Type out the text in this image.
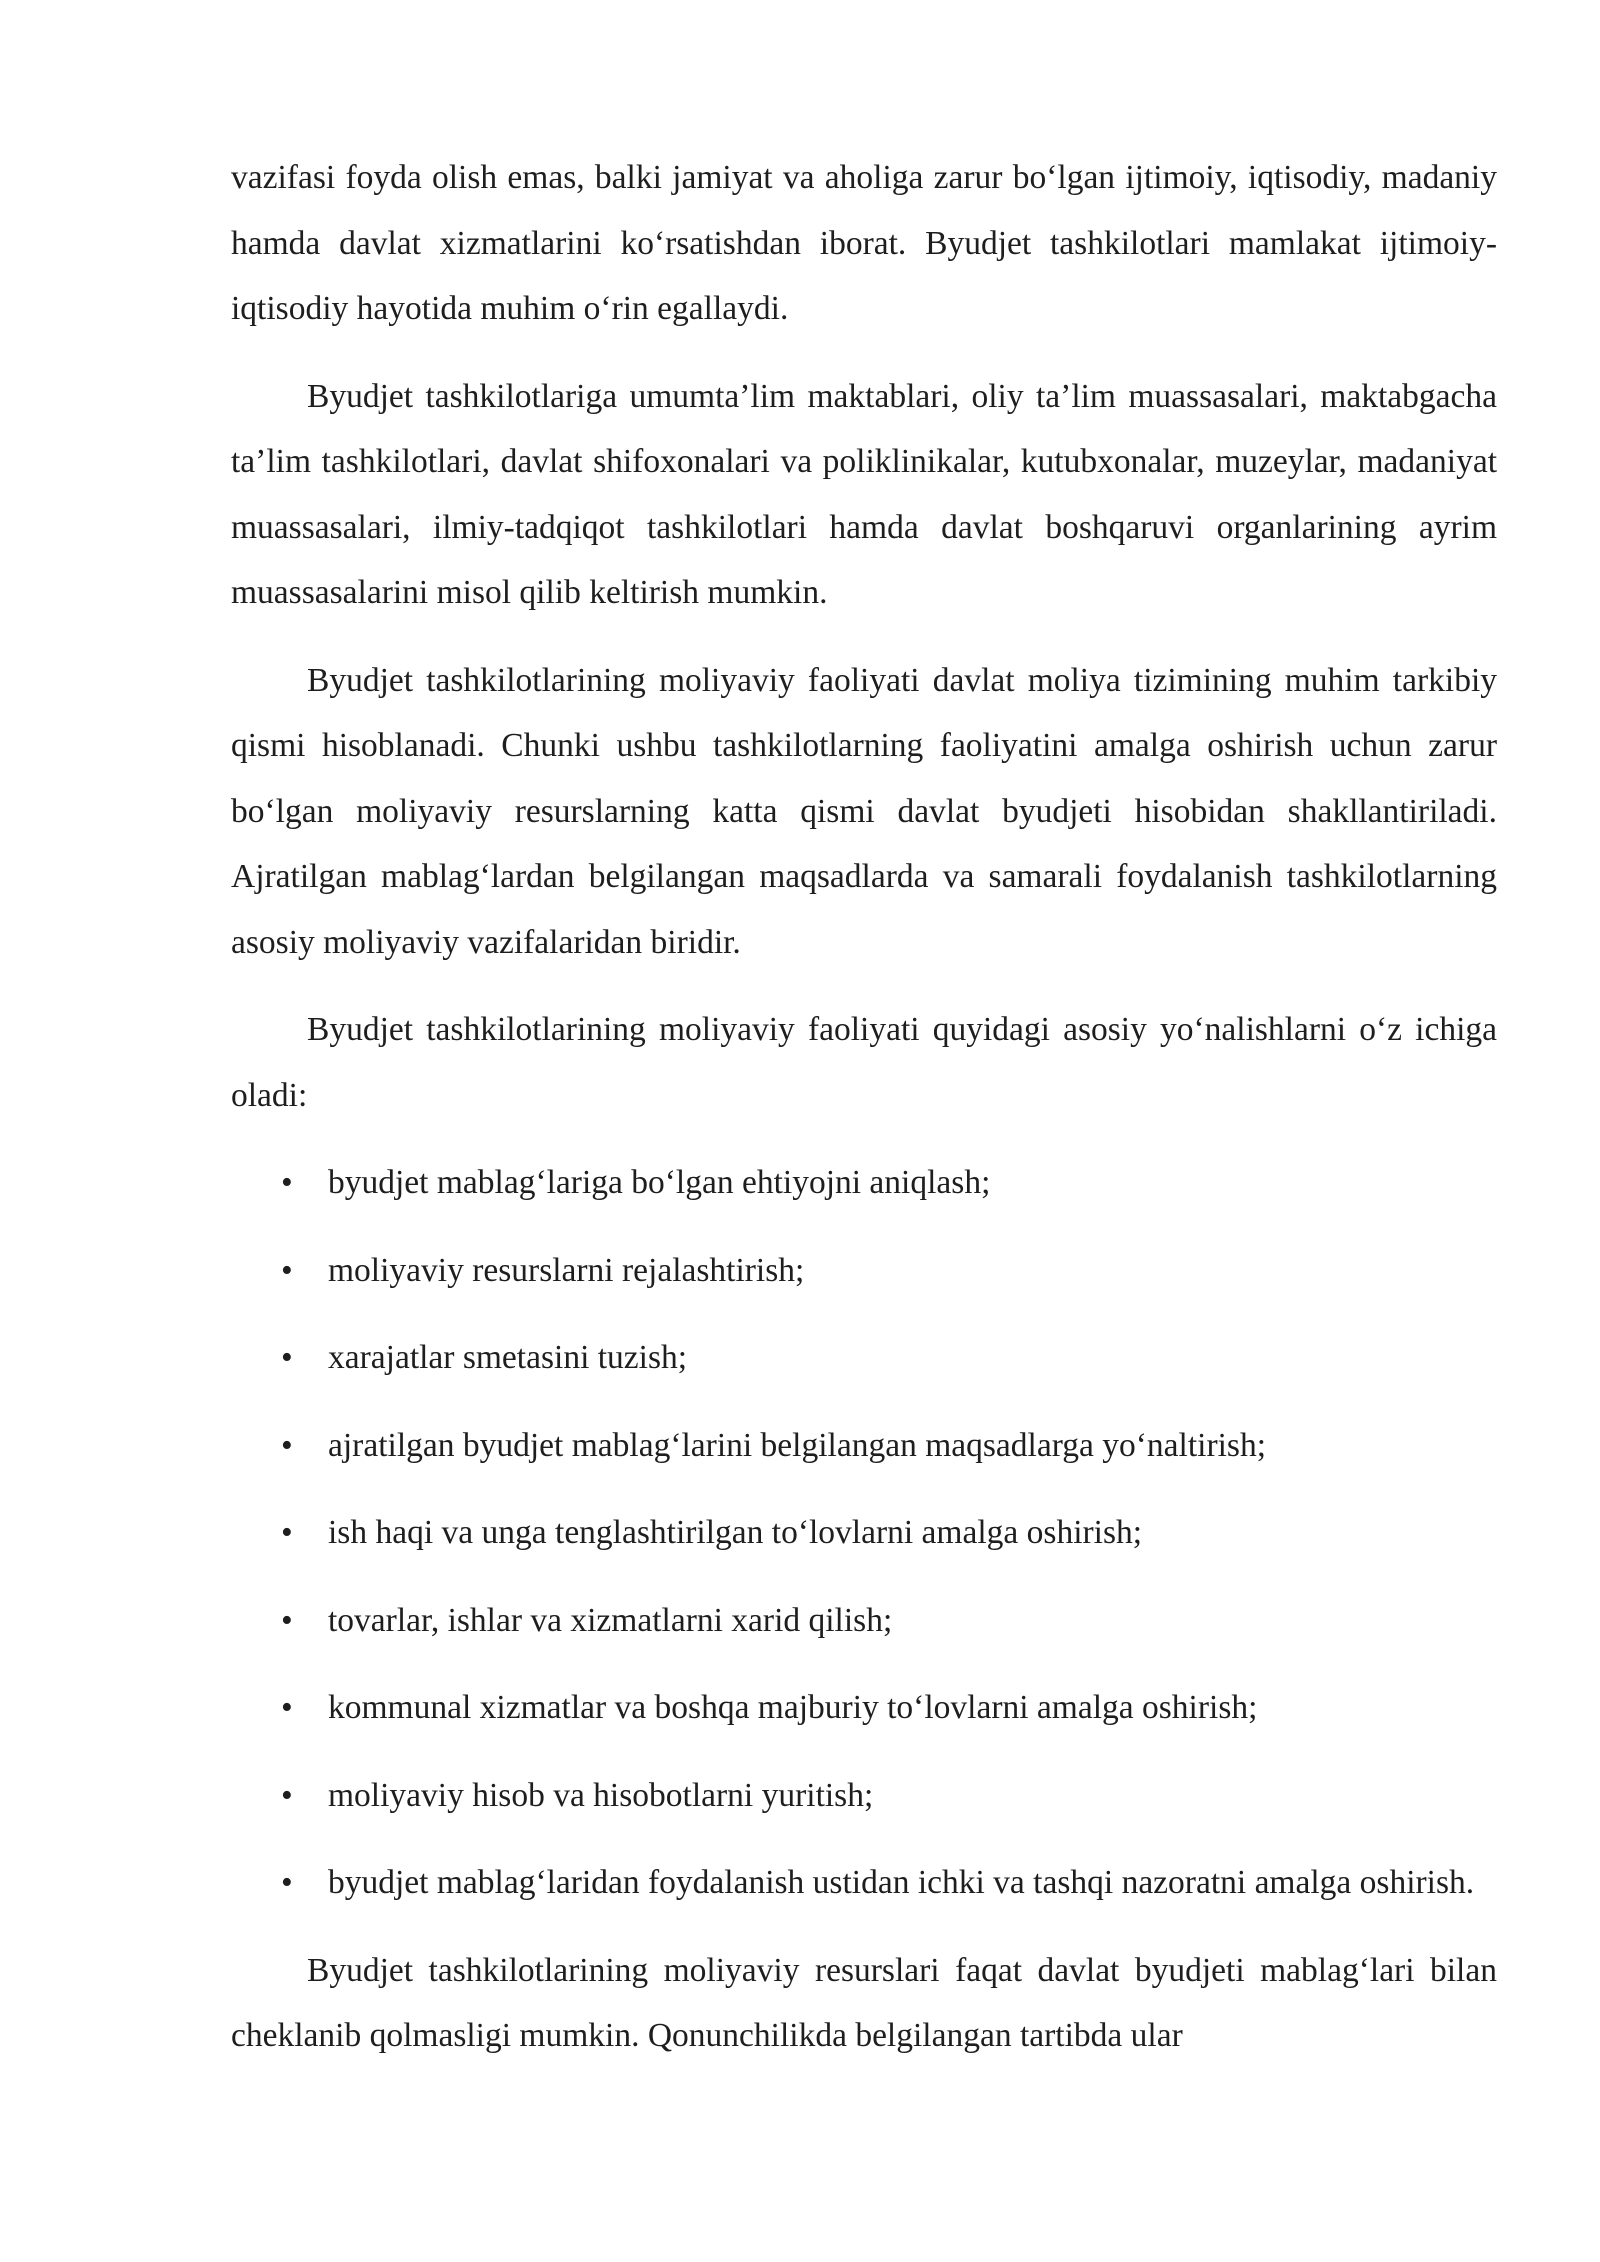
vazifasi foyda olish emas, balki jamiyat va aholiga zarur bo‘lgan ijtimoiy, iqtisodiy, madaniy hamda davlat xizmatlarini ko‘rsatishdan iborat. Byudjet tashkilotlari mamlakat ijtimoiy-iqtisodiy hayotida muhim o‘rin egallaydi.

Byudjet tashkilotlariga umumta’lim maktablari, oliy ta’lim muassasalari, maktabgacha ta’lim tashkilotlari, davlat shifoxonalari va poliklinikalar, kutubxonalar, muzeylar, madaniyat muassasalari, ilmiy-tadqiqot tashkilotlari hamda davlat boshqaruvi organlarining ayrim muassasalarini misol qilib keltirish mumkin.

Byudjet tashkilotlarining moliyaviy faoliyati davlat moliya tizimining muhim tarkibiy qismi hisoblanadi. Chunki ushbu tashkilotlarning faoliyatini amalga oshirish uchun zarur bo‘lgan moliyaviy resurslarning katta qismi davlat byudjeti hisobidan shakllantiriladi. Ajratilgan mablag‘lardan belgilangan maqsadlarda va samarali foydalanish tashkilotlarning asosiy moliyaviy vazifalaridan biridir.

Byudjet tashkilotlarining moliyaviy faoliyati quyidagi asosiy yo‘nalishlarni o‘z ichiga oladi:

• byudjet mablag‘lariga bo‘lgan ehtiyojni aniqlash;
• moliyaviy resurslarni rejalashtirish;
• xarajatlar smetasini tuzish;
• ajratilgan byudjet mablag‘larini belgilangan maqsadlarga yo‘naltirish;
• ish haqi va unga tenglashtirilgan to‘lovlarni amalga oshirish;
• tovarlar, ishlar va xizmatlarni xarid qilish;
• kommunal xizmatlar va boshqa majburiy to‘lovlarni amalga oshirish;
• moliyaviy hisob va hisobotlarni yuritish;
• byudjet mablag‘laridan foydalanish ustidan ichki va tashqi nazoratni amalga oshirish.

Byudjet tashkilotlarining moliyaviy resurslari faqat davlat byudjeti mablag‘lari bilan cheklanib qolmasligi mumkin. Qonunchilikda belgilangan tartibda ular
